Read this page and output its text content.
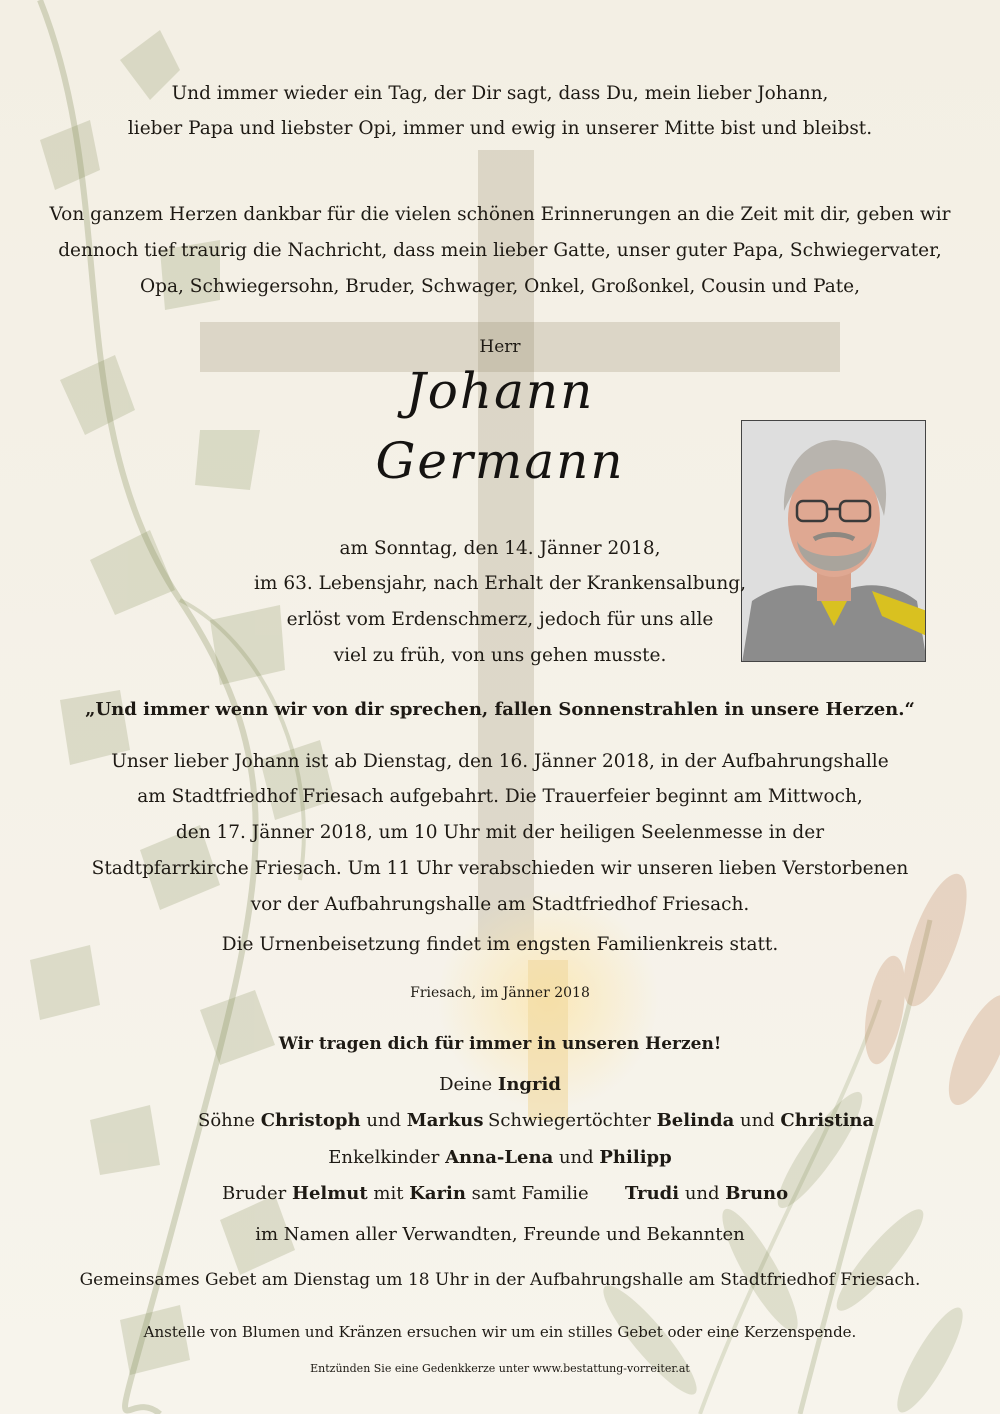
Und immer wieder ein Tag, der Dir sagt, dass Du, mein lieber Johann,
lieber Papa und liebster Opi, immer und ewig in unserer Mitte bist und bleibst.
Von ganzem Herzen dankbar für die vielen schönen Erinnerungen an die Zeit mit dir, geben wir
dennoch tief traurig die Nachricht, dass mein lieber Gatte, unser guter Papa, Schwiegervater,
Opa, Schwiegersohn, Bruder, Schwager, Onkel, Großonkel, Cousin und Pate,
Herr
Johann
Germann
am Sonntag, den 14. Jänner 2018,
im 63. Lebensjahr, nach Erhalt der Krankensalbung,
erlöst vom Erdenschmerz, jedoch für uns alle
viel zu früh, von uns gehen musste.
„Und immer wenn wir von dir sprechen, fallen Sonnenstrahlen in unsere Herzen.“
Unser lieber Johann ist ab Dienstag, den 16. Jänner 2018, in der Aufbahrungshalle
am Stadtfriedhof Friesach aufgebahrt. Die Trauerfeier beginnt am Mittwoch,
den 17. Jänner 2018, um 10 Uhr mit der heiligen Seelenmesse in der
Stadtpfarrkirche Friesach. Um 11 Uhr verabschieden wir unseren lieben Verstorbenen
vor der Aufbahrungshalle am Stadtfriedhof Friesach.
Die Urnenbeisetzung findet im engsten Familienkreis statt.
Friesach, im Jänner 2018
Wir tragen dich für immer in unseren Herzen!
Deine Ingrid
Söhne Christoph und Markus Schwiegertöchter Belinda und Christina
Enkelkinder Anna-Lena und Philipp
Bruder Helmut mit Karin samt Familie Trudi und Bruno
im Namen aller Verwandten, Freunde und Bekannten
Gemeinsames Gebet am Dienstag um 18 Uhr in der Aufbahrungshalle am Stadtfriedhof Friesach.
Anstelle von Blumen und Kränzen ersuchen wir um ein stilles Gebet oder eine Kerzenspende.
Entzünden Sie eine Gedenkkerze unter www.bestattung-vorreiter.at
